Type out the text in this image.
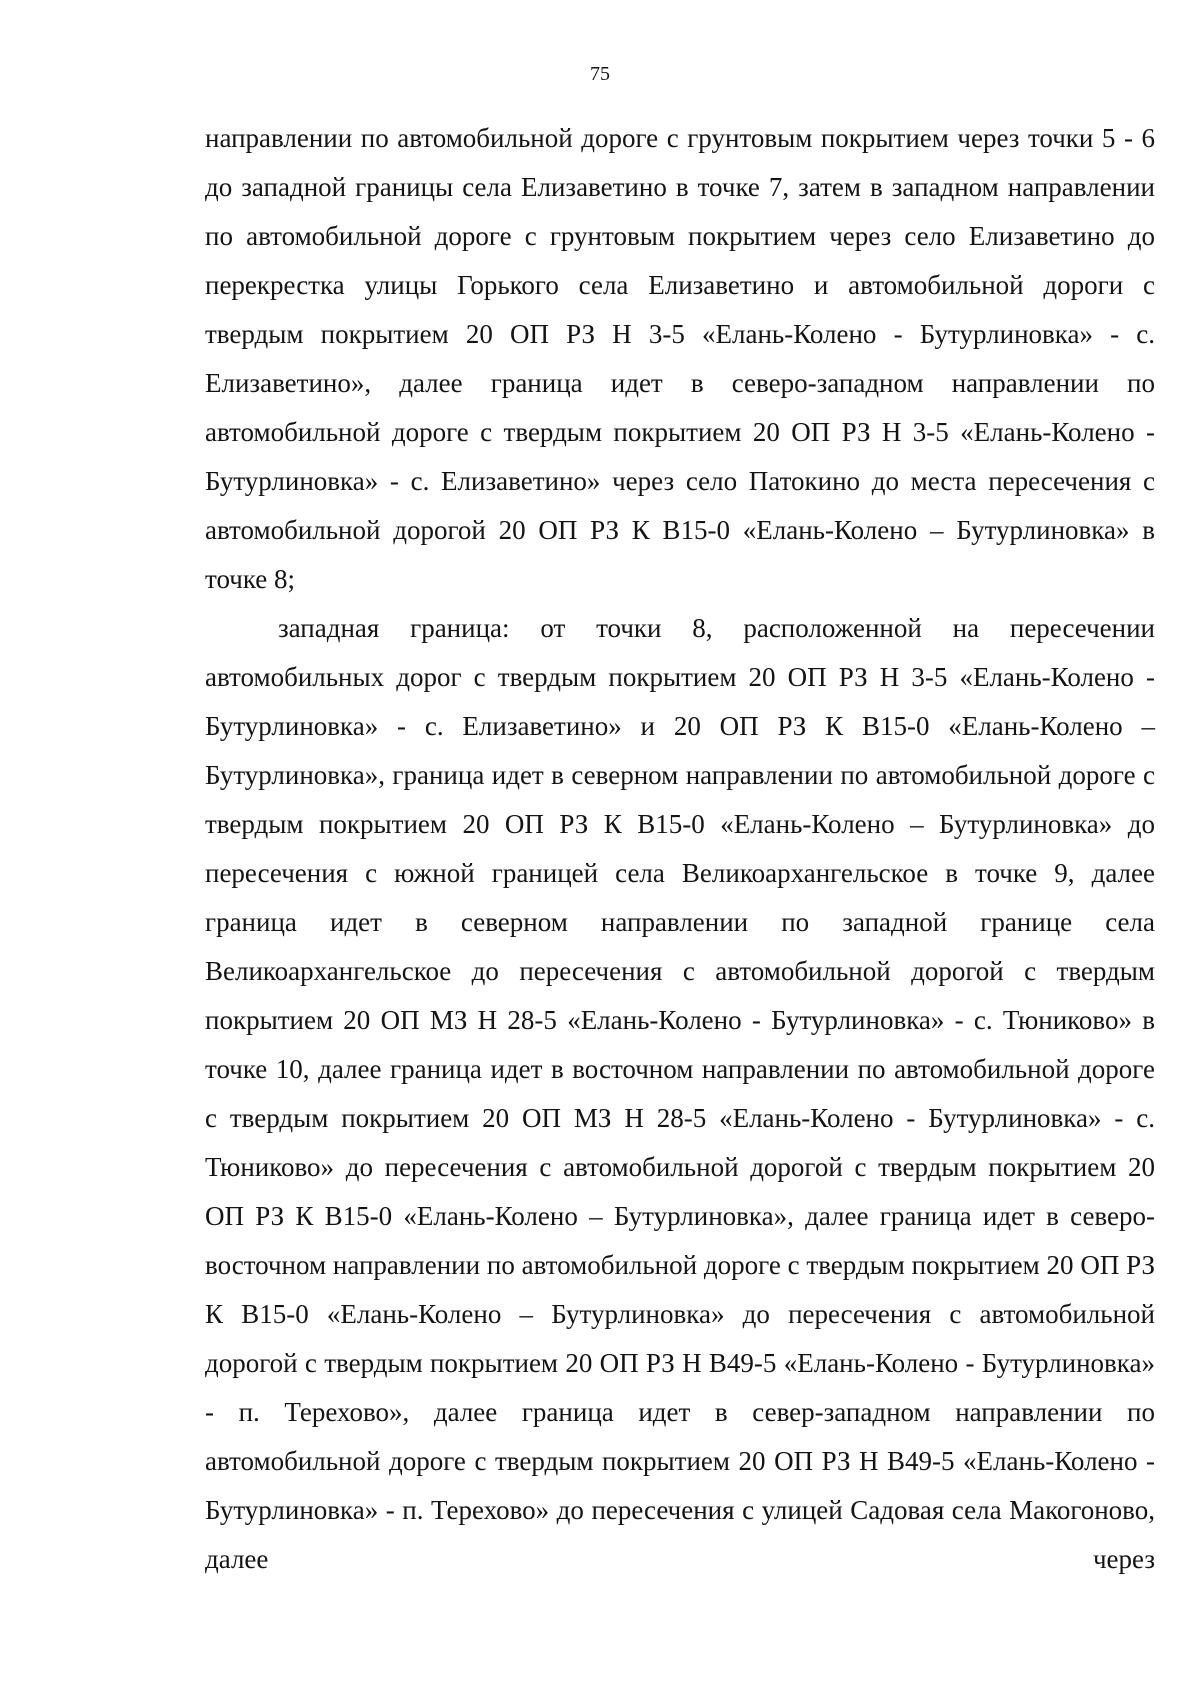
75

направлении по автомобильной дороге с грунтовым покрытием через точки 5 - 6 до западной границы села Елизаветино в точке 7, затем в западном направлении по автомобильной дороге с грунтовым покрытием через село Елизаветино до перекрестка улицы Горького села Елизаветино и автомобильной дороги с твердым покрытием 20 ОП РЗ Н 3-5 «Елань-Колено - Бутурлиновка» - с. Елизаветино», далее граница идет в северо-западном направлении по автомобильной дороге с твердым покрытием 20 ОП РЗ Н 3-5 «Елань-Колено - Бутурлиновка» - с. Елизаветино» через село Патокино до места пересечения с автомобильной дорогой 20 ОП РЗ К В15-0 «Елань-Колено – Бутурлиновка» в точке 8;

западная граница: от точки 8, расположенной на пересечении автомобильных дорог с твердым покрытием 20 ОП РЗ Н 3-5 «Елань-Колено - Бутурлиновка» - с. Елизаветино» и 20 ОП РЗ К В15-0 «Елань-Колено – Бутурлиновка», граница идет в северном направлении по автомобильной дороге с твердым покрытием 20 ОП РЗ К В15-0 «Елань-Колено – Бутурлиновка» до пересечения с южной границей села Великоархангельское в точке 9, далее граница идет в северном направлении по западной границе села Великоархангельское до пересечения с автомобильной дорогой с твердым покрытием 20 ОП МЗ Н 28-5 «Елань-Колено - Бутурлиновка» - с. Тюниково» в точке 10, далее граница идет в восточном направлении по автомобильной дороге с твердым покрытием 20 ОП МЗ Н 28-5 «Елань-Колено - Бутурлиновка» - с. Тюниково» до пересечения с автомобильной дорогой с твердым покрытием 20 ОП РЗ К В15-0 «Елань-Колено – Бутурлиновка», далее граница идет в северо-восточном направлении по автомобильной дороге с твердым покрытием 20 ОП РЗ К В15-0 «Елань-Колено – Бутурлиновка» до пересечения с автомобильной дорогой с твердым покрытием 20 ОП РЗ Н В49-5 «Елань-Колено - Бутурлиновка» - п. Терехово», далее граница идет в север-западном направлении по автомобильной дороге с твердым покрытием 20 ОП РЗ Н В49-5 «Елань-Колено - Бутурлиновка» - п. Терехово» до пересечения с улицей Садовая села Макогоново, далее через
